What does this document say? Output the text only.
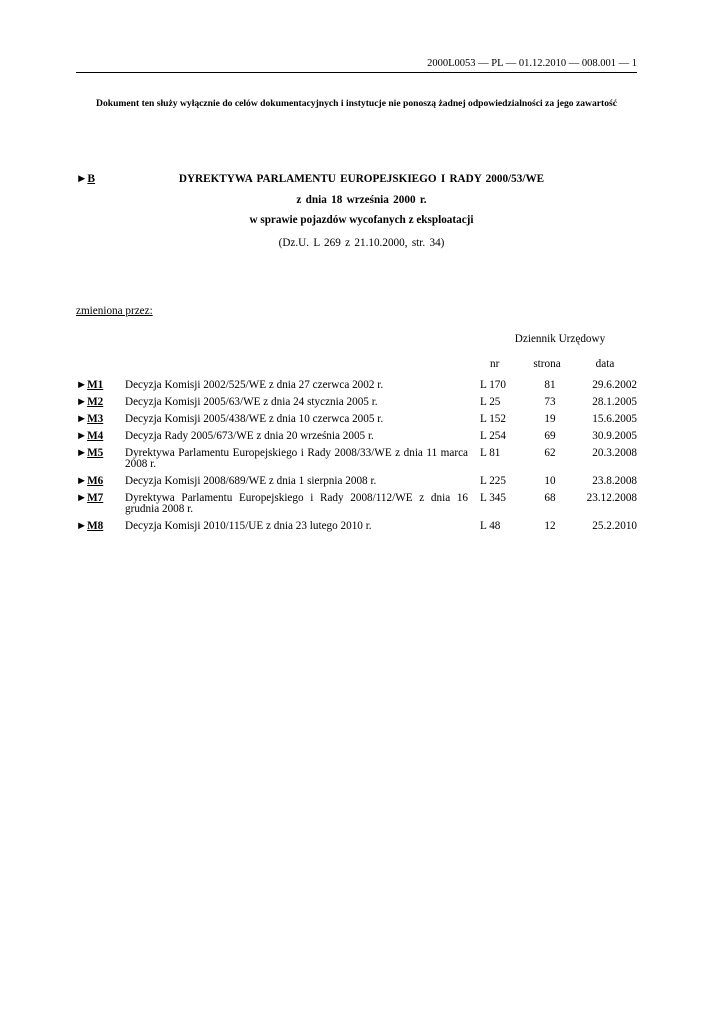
2000L0053 — PL — 01.12.2010 — 008.001 — 1
Dokument ten służy wyłącznie do celów dokumentacyjnych i instytucje nie ponoszą żadnej odpowiedzialności za jego zawartość
►B	DYREKTYWA PARLAMENTU EUROPEJSKIEGO I RADY 2000/53/WE
z dnia 18 września 2000 r.
w sprawie pojazdów wycofanych z eksploatacji
(Dz.U. L 269 z 21.10.2000, str. 34)
zmieniona przez:
Dziennik Urzędowy
nr	strona	data
►M1 Decyzja Komisji 2002/525/WE z dnia 27 czerwca 2002 r.	L 170	81	29.6.2002
►M2 Decyzja Komisji 2005/63/WE z dnia 24 stycznia 2005 r.	L 25	73	28.1.2005
►M3 Decyzja Komisji 2005/438/WE z dnia 10 czerwca 2005 r.	L 152	19	15.6.2005
►M4 Decyzja Rady 2005/673/WE z dnia 20 września 2005 r.	L 254	69	30.9.2005
►M5 Dyrektywa Parlamentu Europejskiego i Rady 2008/33/WE z dnia 11 marca 2008 r.
L 81	62	20.3.2008
►M6 Decyzja Komisji 2008/689/WE z dnia 1 sierpnia 2008 r.	L 225	10	23.8.2008
►M7 Dyrektywa Parlamentu Europejskiego i Rady 2008/112/WE z dnia 16 grudnia 2008 r.
L 345	68	23.12.2008
►M8 Decyzja Komisji 2010/115/UE z dnia 23 lutego 2010 r.	L 48	12	25.2.2010
